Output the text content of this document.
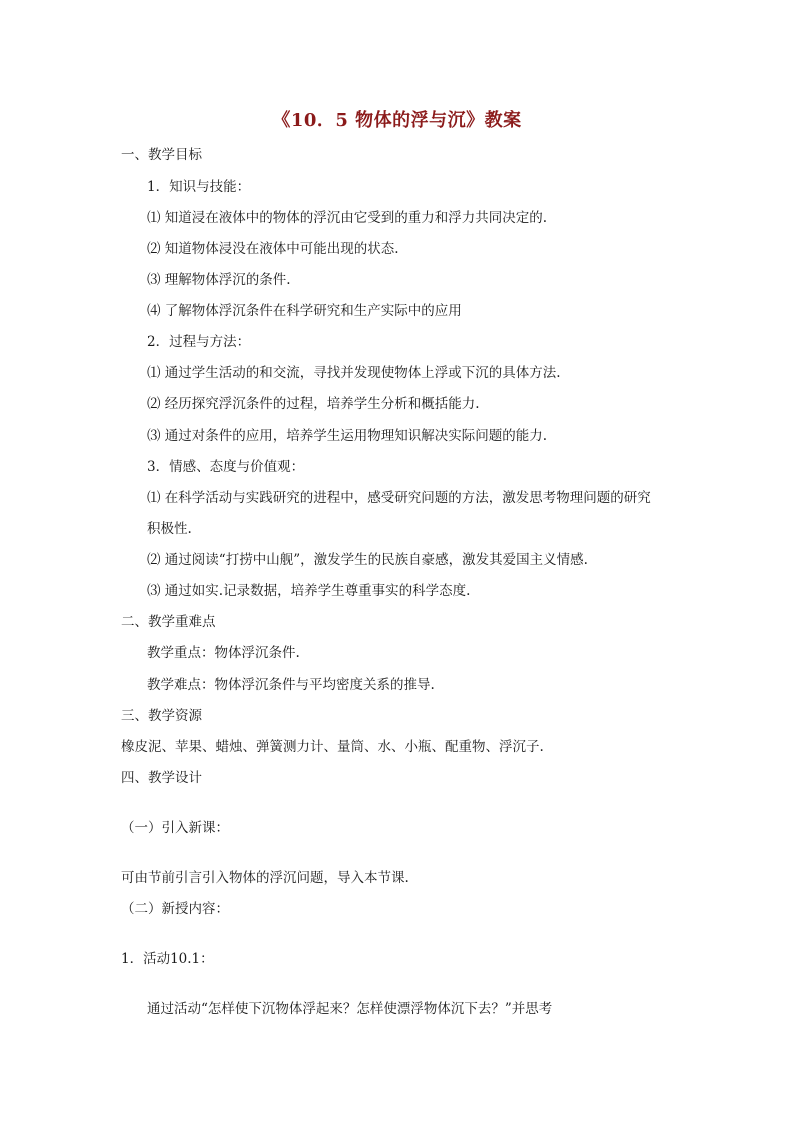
《10．5 物体的浮与沉》教案
一、教学目标
1．知识与技能：
⑴ 知道浸在液体中的物体的浮沉由它受到的重力和浮力共同决定的.
⑵ 知道物体浸没在液体中可能出现的状态.
⑶ 理解物体浮沉的条件.
⑷ 了解物体浮沉条件在科学研究和生产实际中的应用
2．过程与方法：
⑴ 通过学生活动的和交流，寻找并发现使物体上浮或下沉的具体方法.
⑵ 经历探究浮沉条件的过程，培养学生分析和概括能力.
⑶ 通过对条件的应用，培养学生运用物理知识解决实际问题的能力.
3．情感、态度与价值观：
⑴ 在科学活动与实践研究的进程中，感受研究问题的方法，激发思考物理问题的研究
积极性.
⑵ 通过阅读“打捞中山舰”，激发学生的民族自豪感，激发其爱国主义情感.
⑶ 通过如实.记录数据，培养学生尊重事实的科学态度.
二、教学重难点
教学重点：物体浮沉条件.
教学难点：物体浮沉条件与平均密度关系的推导.
三、教学资源
橡皮泥、苹果、蜡烛、弹簧测力计、量筒、水、小瓶、配重物、浮沉子.
四、教学设计
（一）引入新课：
可由节前引言引入物体的浮沉问题，导入本节课.
（二）新授内容：
1．活动10.1：
通过活动“怎样使下沉物体浮起来？怎样使漂浮物体沉下去？”并思考
